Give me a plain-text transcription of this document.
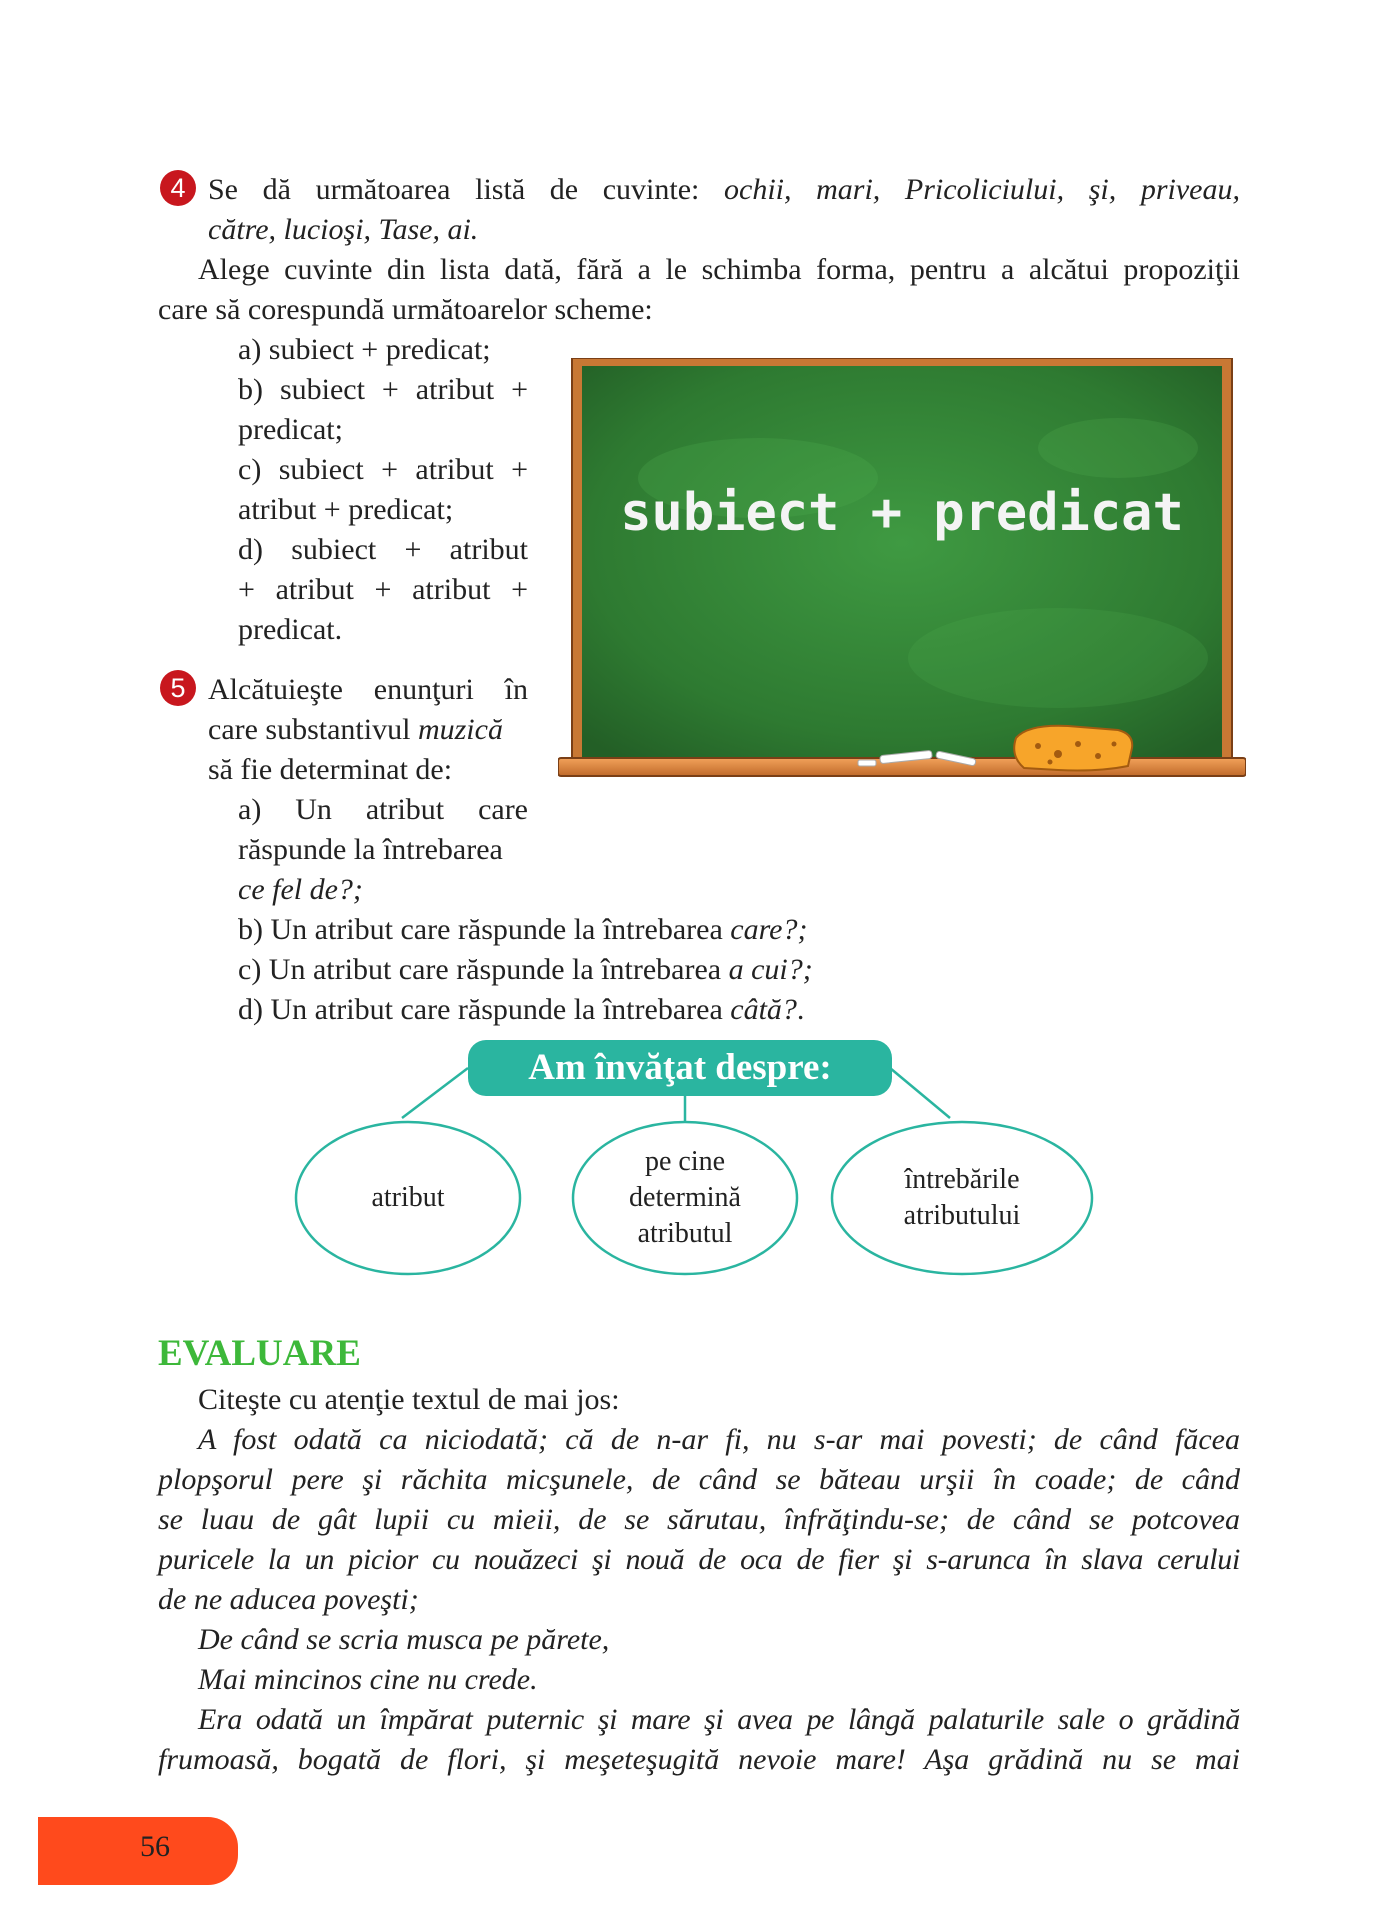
4 Se dă următoarea listă de cuvinte: ochii, mari, Pricoliciului, şi, priveau,
către, lucioşi, Tase, ai.
Alege cuvinte din lista dată, fără a le schimba forma, pentru a alcătui propoziţii
care să corespundă următoarelor scheme:
a) subiect + predicat;
b) subiect + atribut +
predicat;
c) subiect + atribut +
atribut + predicat;
d) subiect + atribut
+ atribut + atribut +
predicat.
subiect + predicat
5 Alcătuieşte enunţuri în
care substantivul muzică
să fie determinat de:
a) Un atribut care
răspunde la întrebarea
ce fel de?;
b) Un atribut care răspunde la întrebarea care?;
c) Un atribut care răspunde la întrebarea a cui?;
d) Un atribut care răspunde la întrebarea câtă?.
Am învăţat despre:
atribut
pe cine determină atributul
întrebările atributului
EVALUARE
Citeşte cu atenţie textul de mai jos:
A fost odată ca niciodată; că de n-ar fi, nu s-ar mai povesti; de când făcea
plopşorul pere şi răchita micşunele, de când se băteau urşii în coade; de când
se luau de gât lupii cu mieii, de se sărutau, înfrăţindu-se; de când se potcovea
puricele la un picior cu nouăzeci şi nouă de oca de fier şi s-arunca în slava cerului
de ne aducea poveşti;
De când se scria musca pe părete,
Mai mincinos cine nu crede.
Era odată un împărat puternic şi mare şi avea pe lângă palaturile sale o grădină
frumoasă, bogată de flori, şi meşeteşugită nevoie mare! Aşa grădină nu se mai
56
